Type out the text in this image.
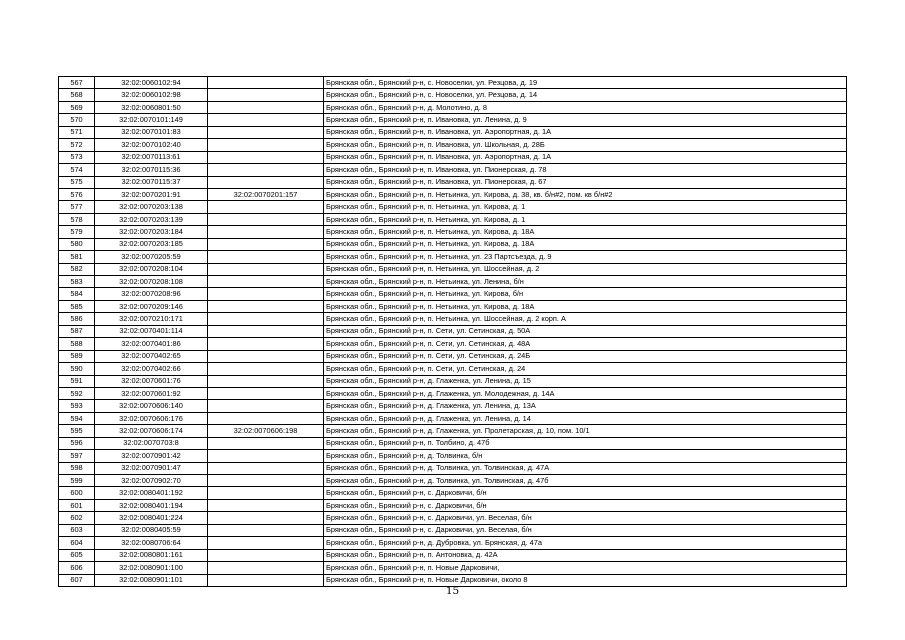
567	32:02:0060102:94		Брянская обл., Брянский р-н, с. Новоселки, ул. Резцова, д. 19
568	32:02:0060102:98		Брянская обл., Брянский р-н, с. Новоселки, ул. Резцова, д. 14
569	32:02:0060801:50		Брянская обл., Брянский р-н, д. Молотино, д. 8
570	32:02:0070101:149		Брянская обл., Брянский р-н, п. Ивановка, ул. Ленина, д. 9
571	32:02:0070101:83		Брянская обл., Брянский р-н, п. Ивановка, ул. Аэропортная, д. 1А
572	32:02:0070102:40		Брянская обл., Брянский р-н, п. Ивановка, ул. Школьная, д. 28Б
573	32:02:0070113:61		Брянская обл., Брянский р-н, п. Ивановка, ул. Аэропортная, д. 1А
574	32:02:0070115:36		Брянская обл., Брянский р-н, п. Ивановка, ул. Пионерская, д. 78
575	32:02:0070115:37		Брянская обл., Брянский р-н, п. Ивановка, ул. Пионерская, д. 67
576	32:02:0070201:91	32:02:0070201:157	Брянская обл., Брянский р-н, п. Нетьинка, ул. Кирова, д. 38, кв. б/н#2, пом. кв б/н#2
577	32:02:0070203:138		Брянская обл., Брянский р-н, п. Нетьинка, ул. Кирова, д. 1
578	32:02:0070203:139		Брянская обл., Брянский р-н, п. Нетьинка, ул. Кирова, д. 1
579	32:02:0070203:184		Брянская обл., Брянский р-н, п. Нетьинка, ул. Кирова, д. 18А
580	32:02:0070203:185		Брянская обл., Брянский р-н, п. Нетьинка, ул. Кирова, д. 18А
581	32:02:0070205:59		Брянская обл., Брянский р-н, п. Нетьинка, ул. 23 Партсъезда, д. 9
582	32:02:0070208:104		Брянская обл., Брянский р-н, п. Нетьинка, ул. Шоссейная, д. 2
583	32:02:0070208:108		Брянская обл., Брянский р-н, п. Нетьинка, ул. Ленина, б/н
584	32:02:0070208:96		Брянская обл., Брянский р-н, п. Нетьинка, ул. Кирова, б/н
585	32:02:0070209:146		Брянская обл., Брянский р-н, п. Нетьинка, ул. Кирова, д. 18А
586	32:02:0070210:171		Брянская обл., Брянский р-н, п. Нетьинка, ул. Шоссейная, д. 2 корп. А
587	32:02:0070401:114		Брянская обл., Брянский р-н, п. Сети, ул. Сетинская, д. 50А
588	32:02:0070401:86		Брянская обл., Брянский р-н, п. Сети, ул. Сетинская, д. 48А
589	32:02:0070402:65		Брянская обл., Брянский р-н, п. Сети, ул. Сетинская, д. 24Б
590	32:02:0070402:66		Брянская обл., Брянский р-н, п. Сети, ул. Сетинская, д. 24
591	32:02:0070601:76		Брянская обл., Брянский р-н, д. Глаженка, ул. Ленина, д. 15
592	32:02:0070601:92		Брянская обл., Брянский р-н, д. Глаженка, ул. Молодежная, д. 14А
593	32:02:0070606:140		Брянская обл., Брянский р-н, д. Глаженка, ул. Ленина, д. 13А
594	32:02:0070606:176		Брянская обл., Брянский р-н, д. Глаженка, ул. Ленина, д. 14
595	32:02:0070606:174	32:02:0070606:198	Брянская обл., Брянский р-н, д. Глаженка, ул. Пролетарская, д. 10, пом. 10/1
596	32:02:0070703:8		Брянская обл., Брянский р-н, п. Толбино, д. 47б
597	32:02:0070901:42		Брянская обл., Брянский р-н, д. Толвинка, б/н
598	32:02:0070901:47		Брянская обл., Брянский р-н, д. Толвинка, ул. Толвинская, д. 47А
599	32:02:0070902:70		Брянская обл., Брянский р-н, д. Толвинка, ул. Толвинская, д. 47б
600	32:02:0080401:192		Брянская обл., Брянский р-н, с. Дарковичи, б/н
601	32:02:0080401:194		Брянская обл., Брянский р-н, с. Дарковичи, б/н
602	32:02:0080401:224		Брянская обл., Брянский р-н, с. Дарковичи, ул. Веселая, б/н
603	32:02:0080405:59		Брянская обл., Брянский р-н, с. Дарковичи, ул. Веселая, б/н
604	32:02:0080706:64		Брянская обл., Брянский р-н, д. Дубровка, ул. Брянская, д. 47а
605	32:02:0080801:161		Брянская обл., Брянский р-н, п. Антоновка, д. 42А
606	32:02:0080901:100		Брянская обл., Брянский р-н, п. Новые Дарковичи,
607	32:02:0080901:101		Брянская обл., Брянский р-н, п. Новые Дарковичи, около 8
15
